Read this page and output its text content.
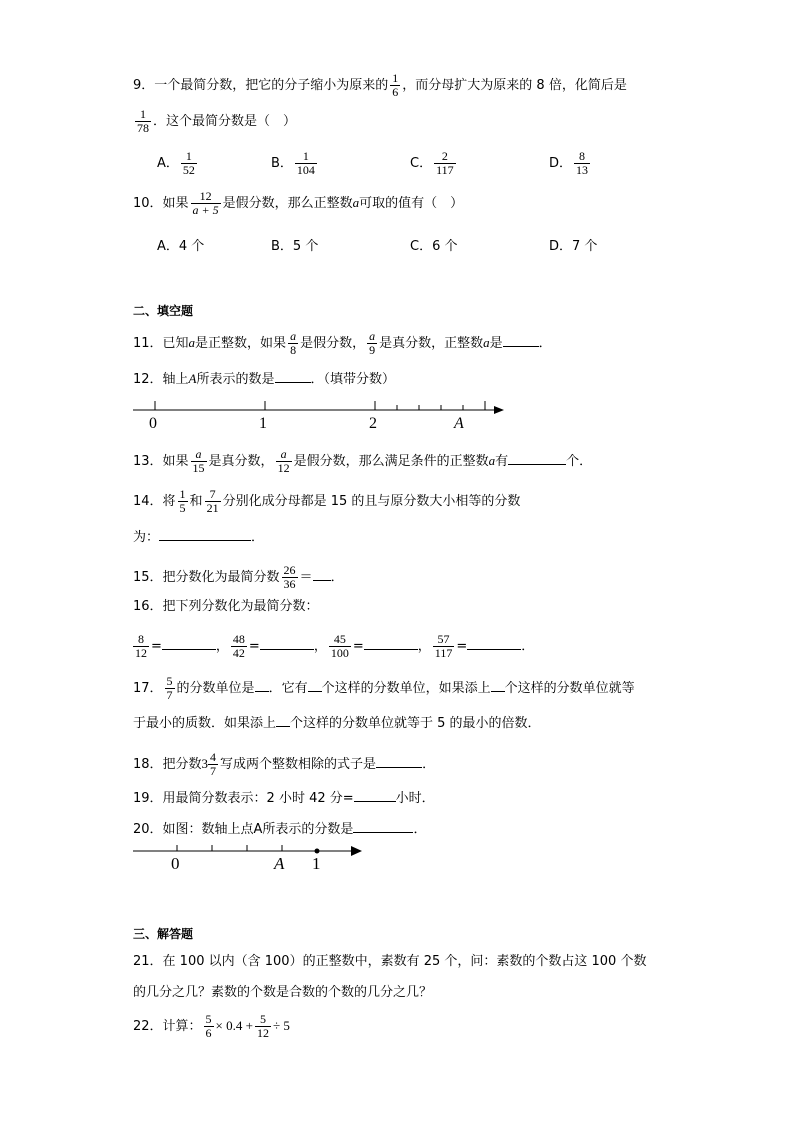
9．一个最简分数，把它的分子缩小为原来的 $\frac{1}{6}$ ，而分母扩大为原来的 8 倍，化简后是
$\frac{1}{78}$ ．这个最简分数是（　）
A． $\frac{1}{52}$	B． $\frac{1}{104}$	C． $\frac{2}{117}$	D． $\frac{8}{13}$
10．如果 $\frac{12}{a + 5}$ 是假分数，那么正整数a可取的值有（　）
A．4 个	B．5 个	C．6 个	D．7 个
二、填空题
11．已知a是正整数，如果 $\frac{a}{8}$ 是假分数， $\frac{a}{9}$ 是真分数，正整数a是	．
12．轴上A所表示的数是	．（填带分数）
0	1	2	A
13．如果 $\frac{a}{15}$ 是真分数， $\frac{a}{12}$ 是假分数，那么满足条件的正整数a有	个．
14．将 $\frac{1}{5}$ 和 $\frac{7}{21}$ 分别化成分母都是 15 的且与原分数大小相等的分数
为：	．
15．把分数化为最简分数 $\frac{26}{36}$ ＝ ．
16．把下列分数化为最简分数：
$\frac{8}{12}$ =	， $\frac{48}{42}$ =	， $\frac{45}{100}$ =	， $\frac{57}{117}$ =	．
17． $\frac{5}{7}$ 的分数单位是 ．它有 个这样的分数单位，如果添上 个这样的分数单位就等
于最小的质数．如果添上 个这样的分数单位就等于 5 的最小的倍数．
18．把分数$3 \frac{4}{7}$ 写成两个整数相除的式子是	．
19．用最简分数表示：2 小时 42 分=	小时．
20．如图：数轴上点A所表示的分数是	．
0	A 1
三、解答题
21．在 100 以内（含 100）的正整数中，素数有 25 个，问：素数的个数占这 100 个数
的几分之几？素数的个数是合数的个数的几分之几？
22．计算： $\frac{5}{6} \times 0.4 + \frac{5}{12} \div 5$
